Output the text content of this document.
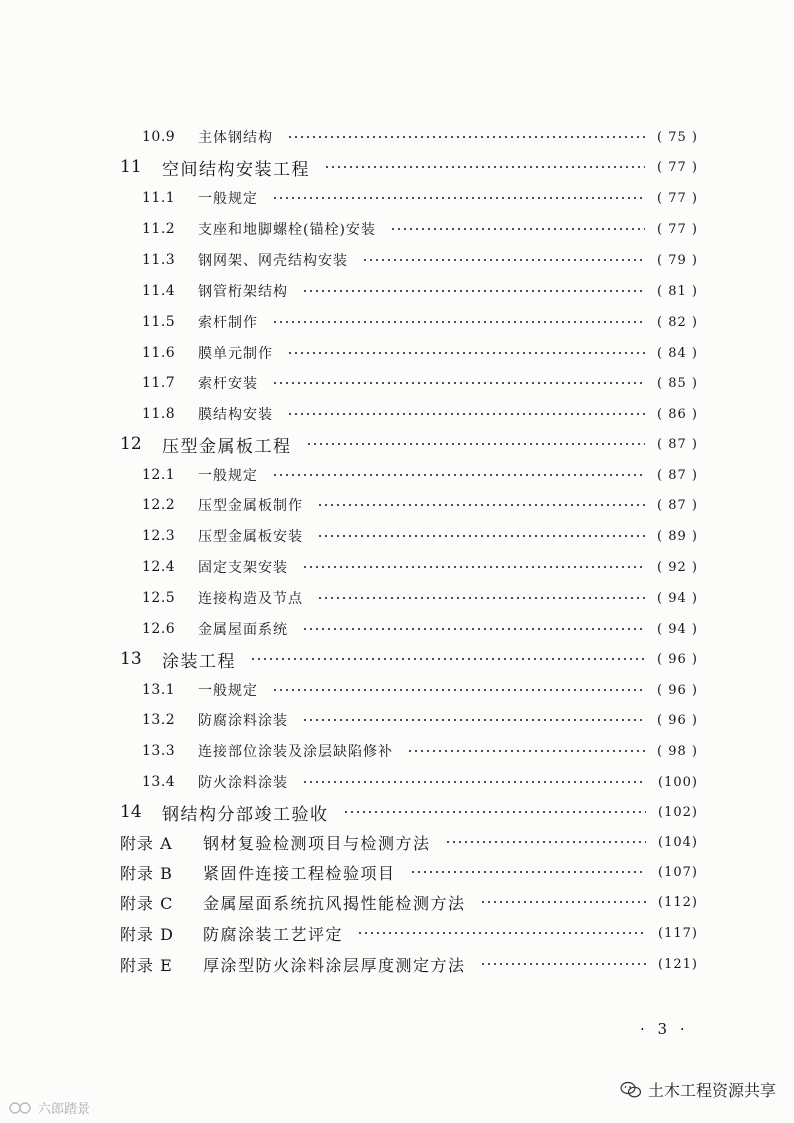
10.9	主体钢结构	( 75 )
11	空间结构安装工程	( 77 )
11.1	一般规定	( 77 )
11.2	支座和地脚螺栓(锚栓)安装	( 77 )
11.3	钢网架、网壳结构安装	( 79 )
11.4	钢管桁架结构	( 81 )
11.5	索杆制作	( 82 )
11.6	膜单元制作	( 84 )
11.7	索杆安装	( 85 )
11.8	膜结构安装	( 86 )
12	压型金属板工程	( 87 )
12.1	一般规定	( 87 )
12.2	压型金属板制作	( 87 )
12.3	压型金属板安装	( 89 )
12.4	固定支架安装	( 92 )
12.5	连接构造及节点	( 94 )
12.6	金属屋面系统	( 94 )
13	涂装工程	( 96 )
13.1	一般规定	( 96 )
13.2	防腐涂料涂装	( 96 )
13.3	连接部位涂装及涂层缺陷修补	( 98 )
13.4	防火涂料涂装	(100)
14	钢结构分部竣工验收	(102)
附录 A	钢材复验检测项目与检测方法	(104)
附录 B	紧固件连接工程检验项目	(107)
附录 C	金属屋面系统抗风揭性能检测方法	(112)
附录 D	防腐涂装工艺评定	(117)
附录 E	厚涂型防火涂料涂层厚度测定方法	(121)
· 3 ·
土木工程资源共享
六郎踏景
